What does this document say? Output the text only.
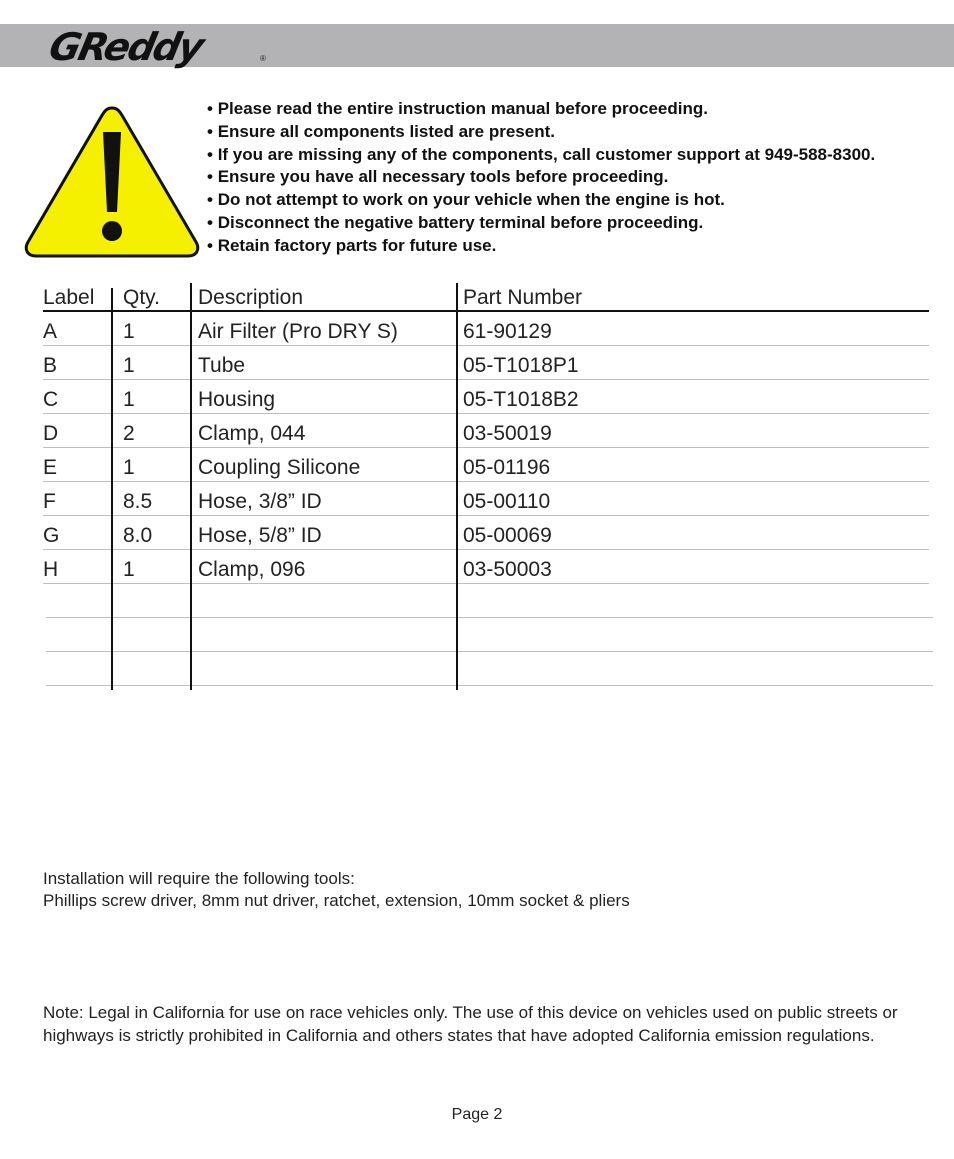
GReddy	®
• Please read the entire instruction manual before proceeding.
• Ensure all components listed are present.
• If you are missing any of the components, call customer support at 949-588-8300.
• Ensure you have all necessary tools before proceeding.
• Do not attempt to work on your vehicle when the engine is hot.
• Disconnect the negative battery terminal before proceeding.
• Retain factory parts for future use.
Label Qty. Description	Part Number
A	1	Air Filter (Pro DRY S)	61-90129
B	1	Tube	05-T1018P1
C	1	Housing	05-T1018B2
D	2	Clamp, 044	03-50019
E	1	Coupling Silicone	05-01196
F	8.5 Hose, 3/8” ID	05-00110
G	8.0 Hose, 5/8” ID	05-00069
H	1	Clamp, 096	03-50003
Installation will require the following tools:
Phillips screw driver, 8mm nut driver, ratchet, extension, 10mm socket & pliers
Note: Legal in California for use on race vehicles only. The use of this device on vehicles used on public streets or highways is strictly prohibited in California and others states that have adopted California emission regulations.
Page 2
